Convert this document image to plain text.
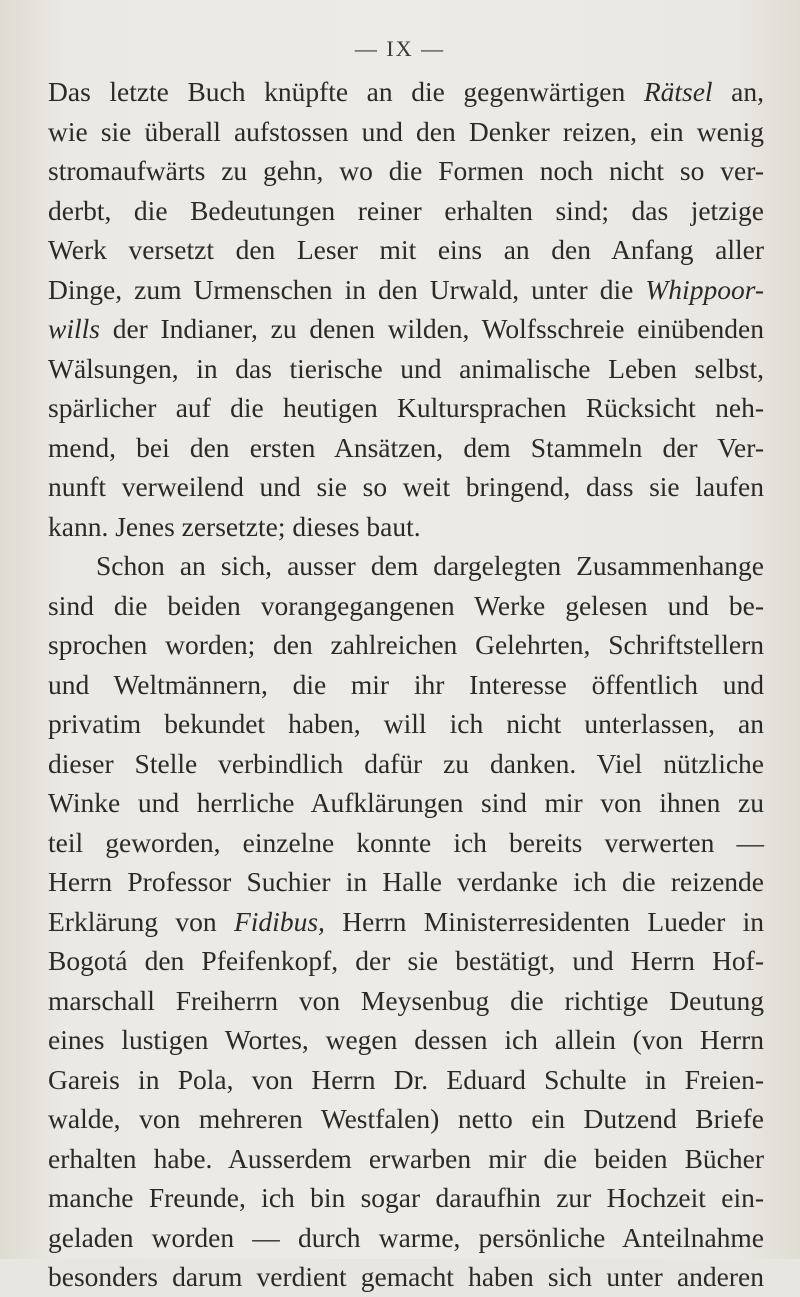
— IX —
Das letzte Buch knüpfte an die gegenwärtigen Rätsel an,
wie sie überall aufstossen und den Denker reizen, ein wenig
stromaufwärts zu gehn, wo die Formen noch nicht so ver-
derbt, die Bedeutungen reiner erhalten sind; das jetzige
Werk versetzt den Leser mit eins an den Anfang aller
Dinge, zum Urmenschen in den Urwald, unter die Whippoor-
wills der Indianer, zu denen wilden, Wolfsschreie einübenden
Wälsungen, in das tierische und animalische Leben selbst,
spärlicher auf die heutigen Kultursprachen Rücksicht neh-
mend, bei den ersten Ansätzen, dem Stammeln der Ver-
nunft verweilend und sie so weit bringend, dass sie laufen
kann. Jenes zersetzte; dieses baut.
Schon an sich, ausser dem dargelegten Zusammenhange
sind die beiden vorangegangenen Werke gelesen und be-
sprochen worden; den zahlreichen Gelehrten, Schriftstellern
und Weltmännern, die mir ihr Interesse öffentlich und
privatim bekundet haben, will ich nicht unterlassen, an
dieser Stelle verbindlich dafür zu danken. Viel nützliche
Winke und herrliche Aufklärungen sind mir von ihnen zu
teil geworden, einzelne konnte ich bereits verwerten —
Herrn Professor Suchier in Halle verdanke ich die reizende
Erklärung von Fidibus, Herrn Ministerresidenten Lueder in
Bogotá den Pfeifenkopf, der sie bestätigt, und Herrn Hof-
marschall Freiherrn von Meysenbug die richtige Deutung
eines lustigen Wortes, wegen dessen ich allein (von Herrn
Gareis in Pola, von Herrn Dr. Eduard Schulte in Freien-
walde, von mehreren Westfalen) netto ein Dutzend Briefe
erhalten habe. Ausserdem erwarben mir die beiden Bücher
manche Freunde, ich bin sogar daraufhin zur Hochzeit ein-
geladen worden — durch warme, persönliche Anteilnahme
besonders darum verdient gemacht haben sich unter anderen
